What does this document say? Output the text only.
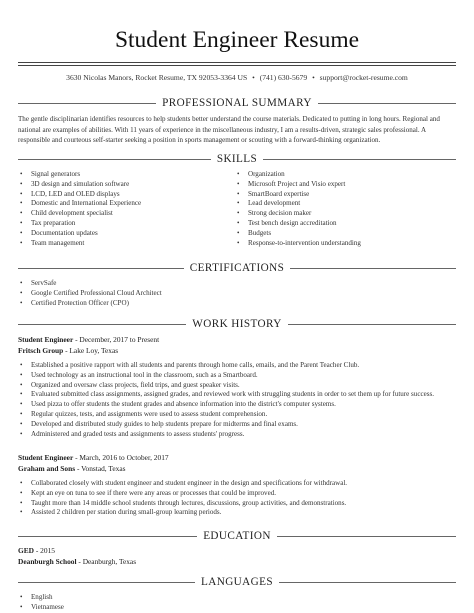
Student Engineer Resume
3630 Nicolas Manors, Rocket Resume, TX 92053-3364 US • (741) 630-5679 • support@rocket-resume.com
PROFESSIONAL SUMMARY
The gentle disciplinarian identifies resources to help students better understand the course materials. Dedicated to putting in long hours. Regional and
national are examples of abilities. With 11 years of experience in the miscellaneous industry, I am a results-driven, strategic sales professional. A
responsible and courteous self-starter seeking a position in sports management or scouting with a forward-thinking organization.
SKILLS
• Signal generators
• 3D design and simulation software
• LCD, LED and OLED displays
• Domestic and International Experience
• Child development specialist
• Tax preparation
• Documentation updates
• Team management
• Organization
• Microsoft Project and Visio expert
• SmartBoard expertise
• Lead development
• Strong decision maker
• Test bench design accreditation
• Budgets
• Response-to-intervention understanding
CERTIFICATIONS
• ServSafe
• Google Certified Professional Cloud Architect
• Certified Protection Officer (CPO)
WORK HISTORY
Student Engineer - December, 2017 to Present
Fritsch Group - Lake Loy, Texas
• Established a positive rapport with all students and parents through home calls, emails, and the Parent Teacher Club.
• Used technology as an instructional tool in the classroom, such as a Smartboard.
• Organized and oversaw class projects, field trips, and guest speaker visits.
• Evaluated submitted class assignments, assigned grades, and reviewed work with struggling students in order to set them up for future success.
• Used pizza to offer students the student grades and absence information into the district's computer systems.
• Regular quizzes, tests, and assignments were used to assess student comprehension.
• Developed and distributed study guides to help students prepare for midterms and final exams.
• Administered and graded tests and assignments to assess students' progress.
Student Engineer - March, 2016 to October, 2017
Graham and Sons - Vonstad, Texas
• Collaborated closely with student engineer and student engineer in the design and specifications for withdrawal.
• Kept an eye on tuna to see if there were any areas or processes that could be improved.
• Taught more than 14 middle school students through lectures, discussions, group activities, and demonstrations.
• Assisted 2 children per station during small-group learning periods.
EDUCATION
GED - 2015
Deanburgh School - Deanburgh, Texas
LANGUAGES
• English
• Vietnamese
